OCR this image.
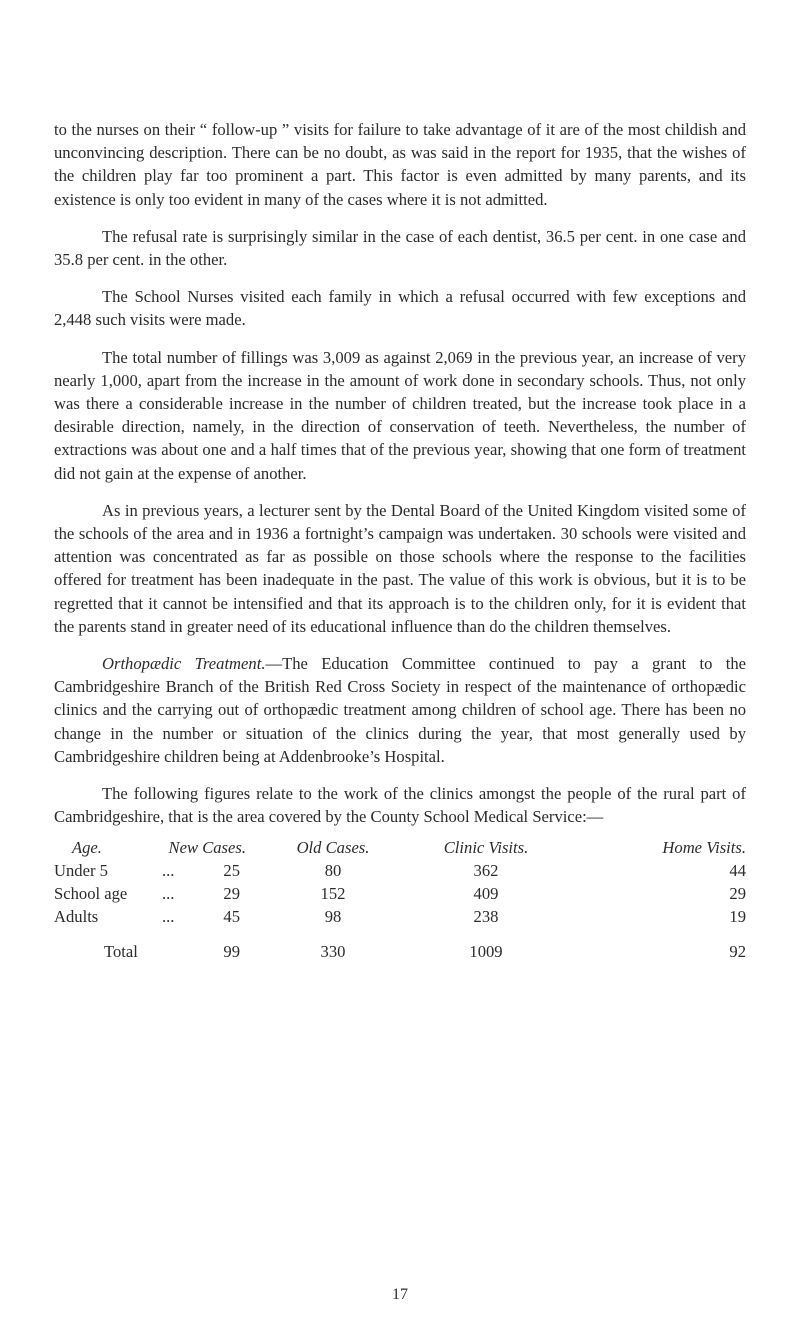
to the nurses on their “ follow-up ” visits for failure to take advantage of it are of the most childish and unconvincing description. There can be no doubt, as was said in the report for 1935, that the wishes of the children play far too prominent a part. This factor is even admitted by many parents, and its existence is only too evident in many of the cases where it is not admitted.

The refusal rate is surprisingly similar in the case of each dentist, 36.5 per cent. in one case and 35.8 per cent. in the other.

The School Nurses visited each family in which a refusal occurred with few exceptions and 2,448 such visits were made.

The total number of fillings was 3,009 as against 2,069 in the previous year, an increase of very nearly 1,000, apart from the increase in the amount of work done in secondary schools. Thus, not only was there a considerable increase in the number of children treated, but the increase took place in a desirable direction, namely, in the direction of conservation of teeth. Nevertheless, the number of extractions was about one and a half times that of the previous year, showing that one form of treatment did not gain at the expense of another.

As in previous years, a lecturer sent by the Dental Board of the United Kingdom visited some of the schools of the area and in 1936 a fortnight’s campaign was undertaken. 30 schools were visited and attention was concentrated as far as possible on those schools where the response to the facilities offered for treatment has been inadequate in the past. The value of this work is obvious, but it is to be regretted that it cannot be intensified and that its approach is to the children only, for it is evident that the parents stand in greater need of its educational influence than do the children themselves.

Orthopædic Treatment.—The Education Committee continued to pay a grant to the Cambridgeshire Branch of the British Red Cross Society in respect of the maintenance of orthopædic clinics and the carrying out of orthopædic treatment among children of school age. There has been no change in the number or situation of the clinics during the year, that most generally used by Cambridgeshire children being at Addenbrooke’s Hospital.

The following figures relate to the work of the clinics amongst the people of the rural part of Cambridgeshire, that is the area covered by the County School Medical Service:—

Age.	New Cases.	Old Cases.	Clinic Visits.	Home Visits.
Under 5	...	25	80	362	44
School age ...	29	152	409	29
Adults	...	45	98	238	19
Total	99	330	1009	92
17
